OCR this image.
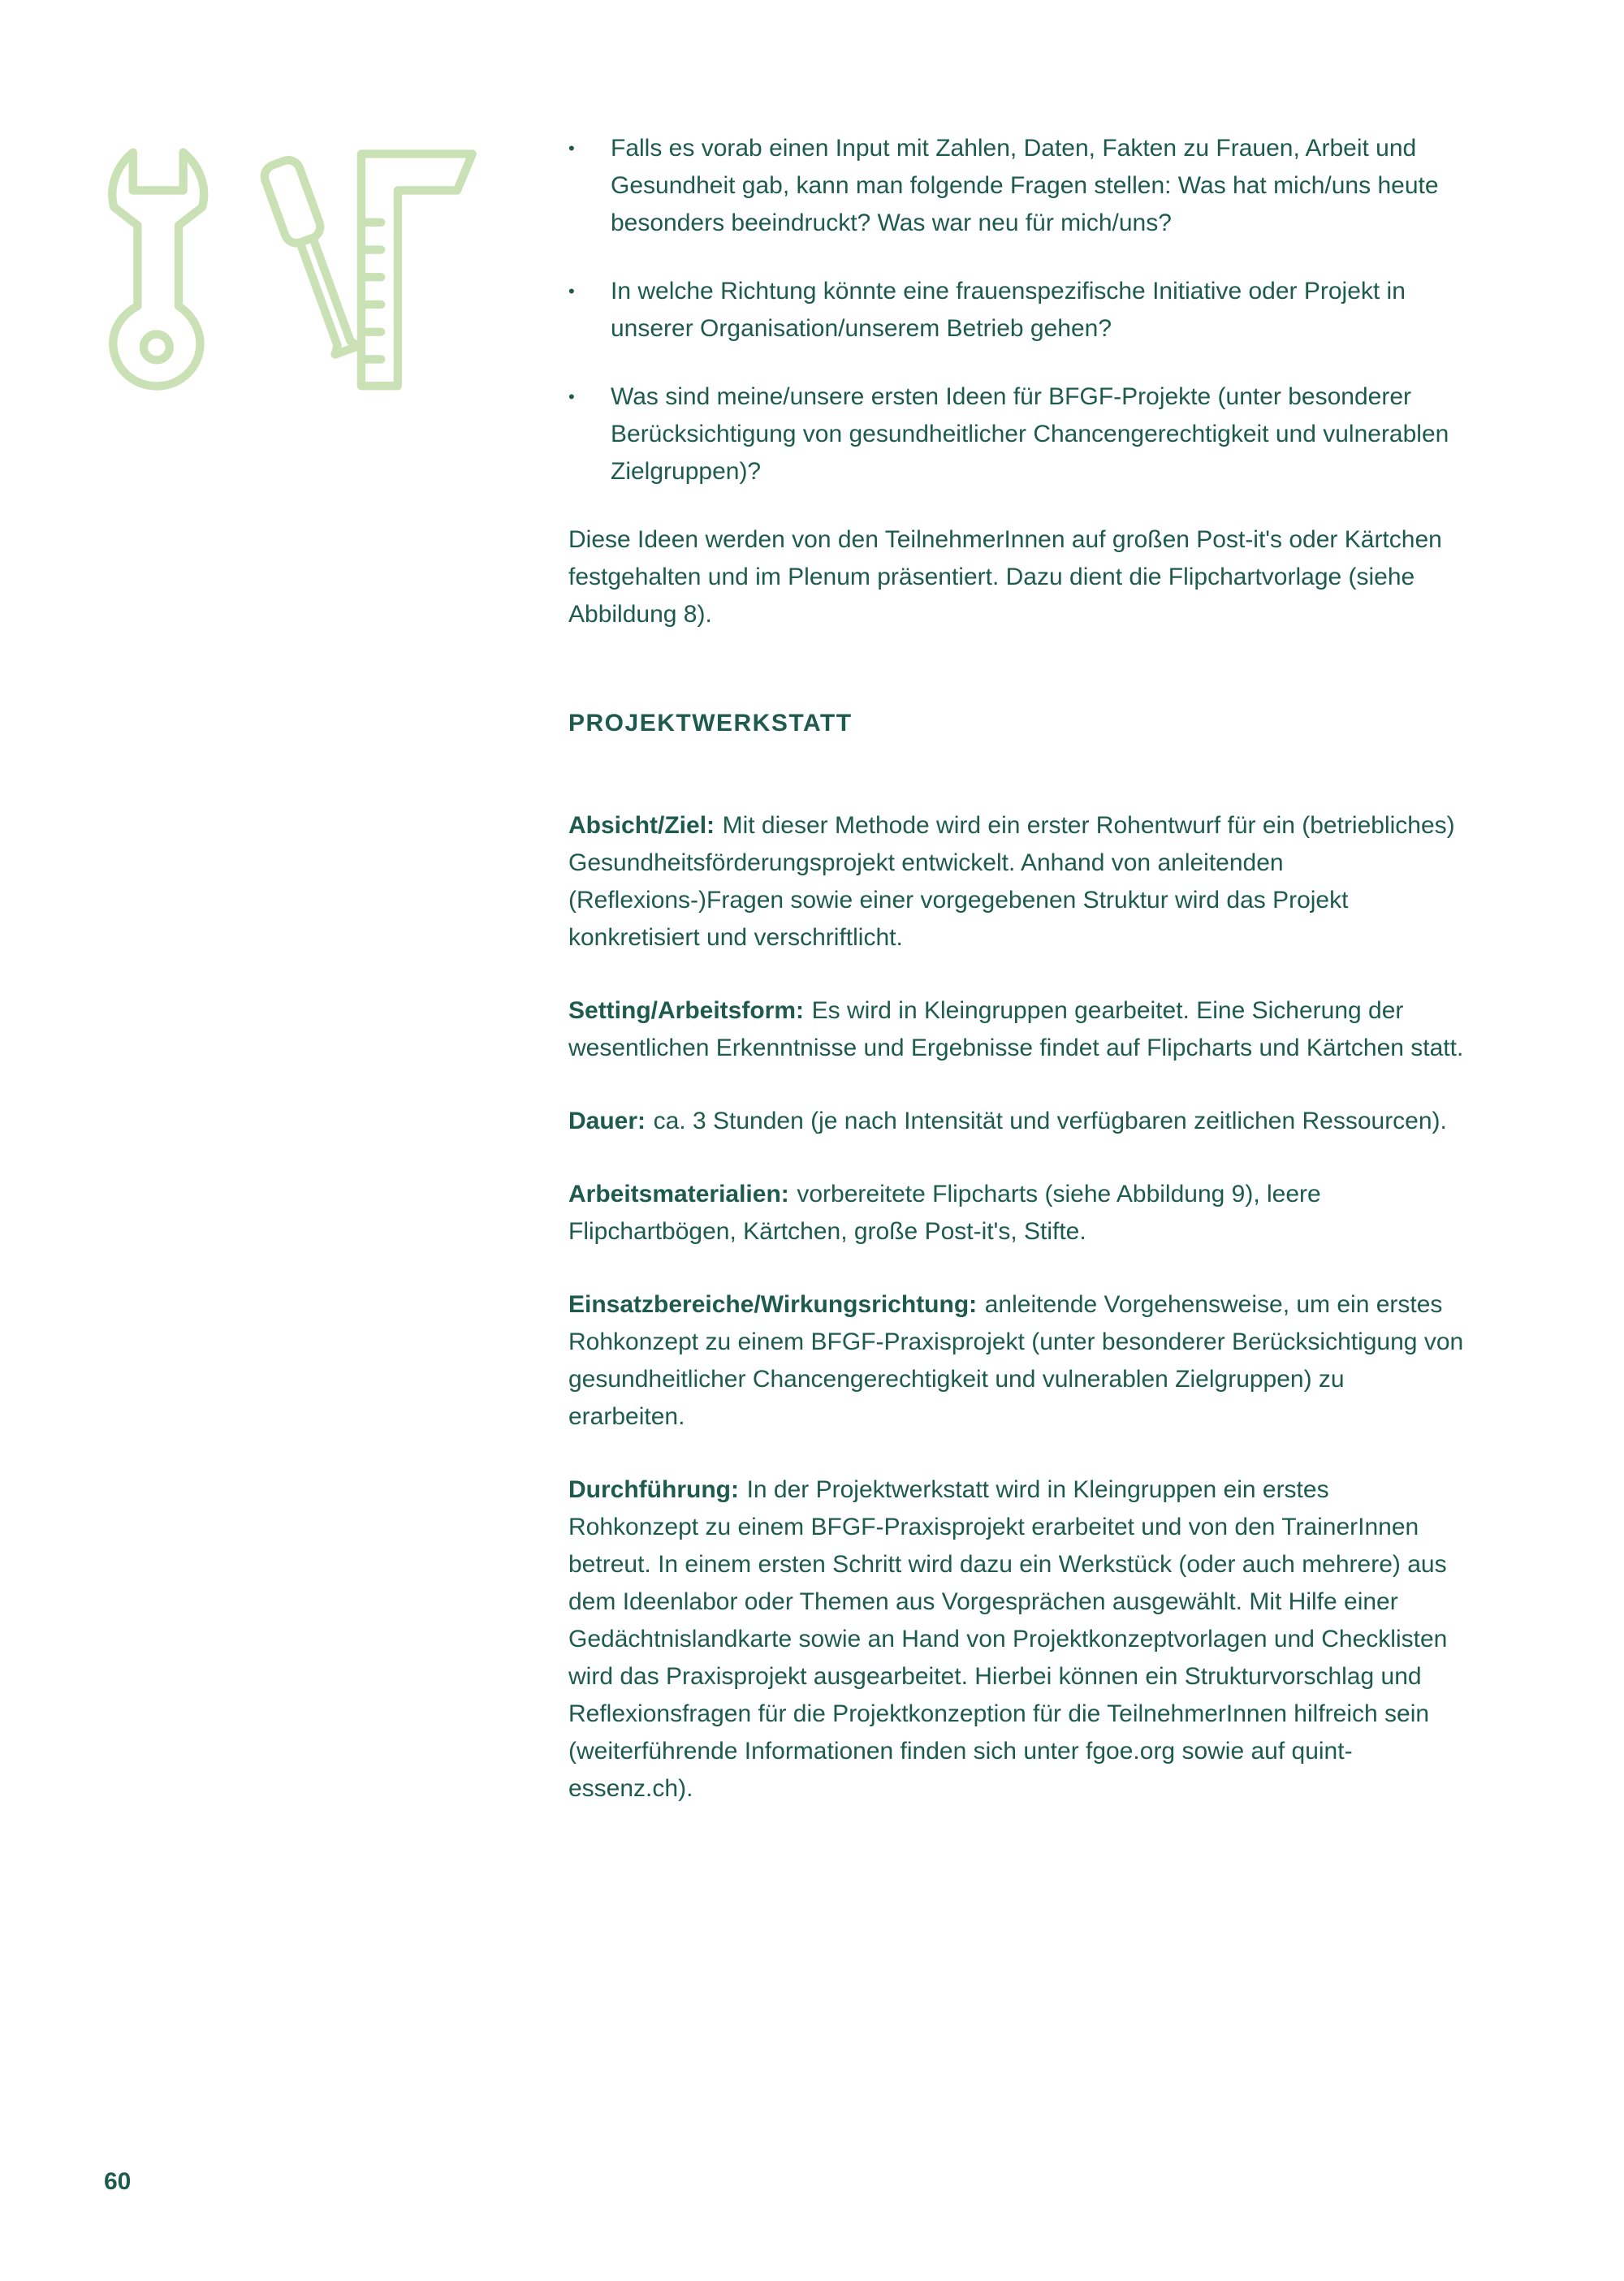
•	Falls es vorab einen Input mit Zahlen, Daten, Fakten zu Frauen, Arbeit und Gesundheit gab, kann man folgende Fragen stellen: Was hat mich/uns heute besonders beeindruckt? Was war neu für mich/uns?
•	In welche Richtung könnte eine frauenspezifische Initiative oder Projekt in unserer Organisation/unserem Betrieb gehen?
•	Was sind meine/unsere ersten Ideen für BFGF-Projekte (unter besonderer Berücksichtigung von gesundheitlicher Chancengerechtigkeit und vulnerablen Zielgruppen)?

Diese Ideen werden von den TeilnehmerInnen auf großen Post-it's oder Kärtchen festgehalten und im Plenum präsentiert. Dazu dient die Flipchartvorlage (siehe Abbildung 8).

PROJEKTWERKSTATT

Absicht/Ziel: Mit dieser Methode wird ein erster Rohentwurf für ein (betriebliches) Gesundheitsförderungsprojekt entwickelt. Anhand von anleitenden (Reflexions-)Fragen sowie einer vorgegebenen Struktur wird das Projekt konkretisiert und verschriftlicht.

Setting/Arbeitsform: Es wird in Kleingruppen gearbeitet. Eine Sicherung der wesentlichen Erkenntnisse und Ergebnisse findet auf Flipcharts und Kärtchen statt.

Dauer: ca. 3 Stunden (je nach Intensität und verfügbaren zeitlichen Ressourcen).

Arbeitsmaterialien: vorbereitete Flipcharts (siehe Abbildung 9), leere Flipchartbögen, Kärtchen, große Post-it's, Stifte.

Einsatzbereiche/Wirkungsrichtung: anleitende Vorgehensweise, um ein erstes Rohkonzept zu einem BFGF-Praxisprojekt (unter besonderer Berücksichtigung von gesundheitlicher Chancengerechtigkeit und vulnerablen Zielgruppen) zu erarbeiten.

Durchführung: In der Projektwerkstatt wird in Kleingruppen ein erstes Rohkonzept zu einem BFGF-Praxisprojekt erarbeitet und von den TrainerInnen betreut. In einem ersten Schritt wird dazu ein Werkstück (oder auch mehrere) aus dem Ideenlabor oder Themen aus Vorgesprächen ausgewählt. Mit Hilfe einer Gedächtnislandkarte sowie an Hand von Projektkonzeptvorlagen und Checklisten wird das Praxisprojekt ausgearbeitet. Hierbei können ein Strukturvorschlag und Reflexionsfragen für die Projektkonzeption für die TeilnehmerInnen hilfreich sein (weiterführende Informationen finden sich unter fgoe.org sowie auf quint-essenz.ch).

60
